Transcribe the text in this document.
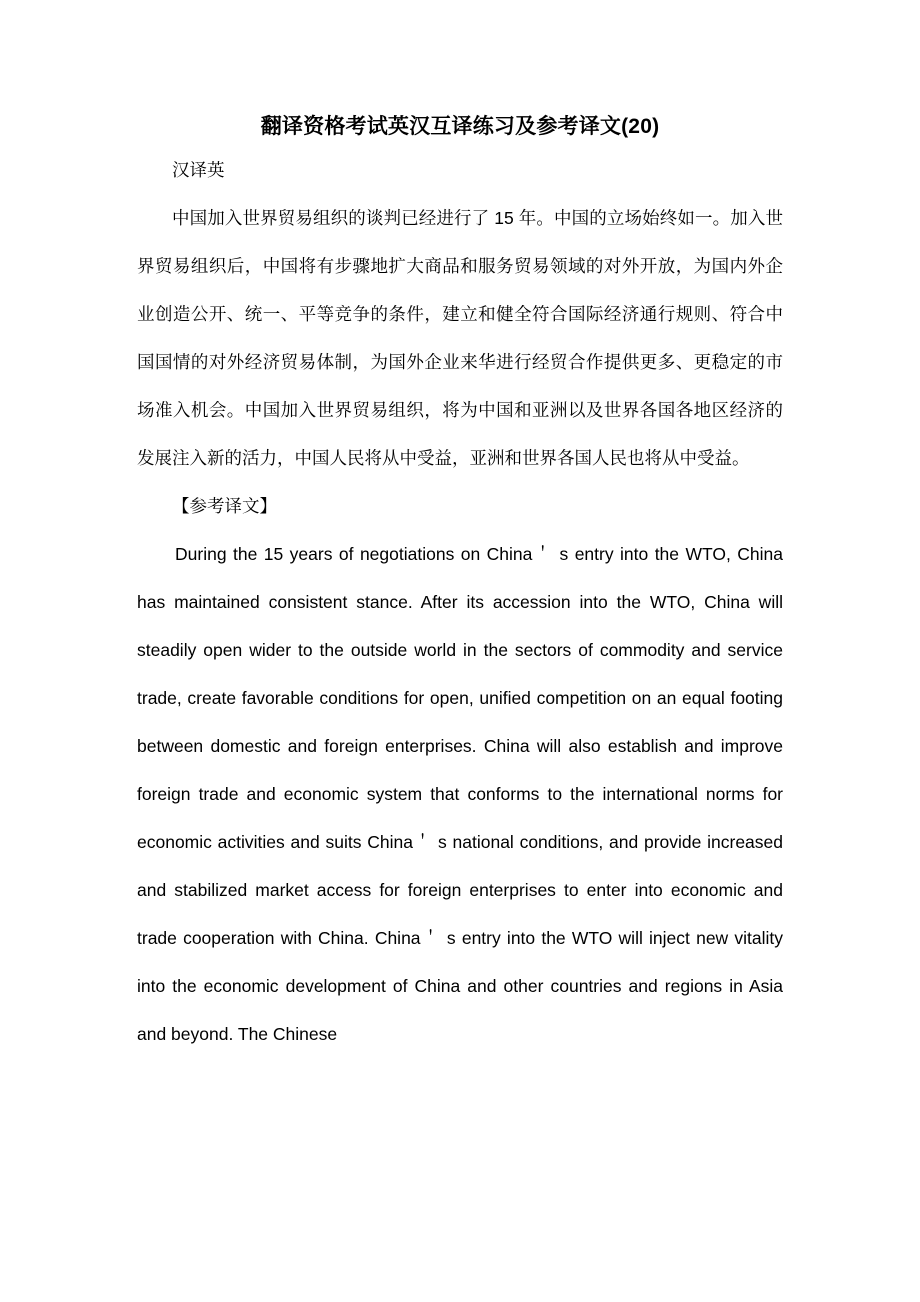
翻译资格考试英汉互译练习及参考译文(20)

汉译英

中国加入世界贸易组织的谈判已经进行了 15 年。中国的立场始终如一。加入世界贸易组织后，中国将有步骤地扩大商品和服务贸易领域的对外开放，为国内外企业创造公开、统一、平等竞争的条件，建立和健全符合国际经济通行规则、符合中国国情的对外经济贸易体制，为国外企业来华进行经贸合作提供更多、更稳定的市场准入机会。中国加入世界贸易组织，将为中国和亚洲以及世界各国各地区经济的发展注入新的活力，中国人民将从中受益，亚洲和世界各国人民也将从中受益。

【参考译文】

During the 15 years of negotiations on China＇ s entry into the WTO, China has maintained consistent stance. After its accession into the WTO, China will steadily open wider to the outside world in the sectors of commodity and service trade, create favorable conditions for open, unified competition on an equal footing between domestic and foreign enterprises. China will also establish and improve foreign trade and economic system that conforms to the international norms for economic activities and suits China＇ s national conditions, and provide increased and stabilized market access for foreign enterprises to enter into economic and trade cooperation with China. China＇ s entry into the WTO will inject new vitality into the economic development of China and other countries and regions in Asia and beyond. The Chinese
